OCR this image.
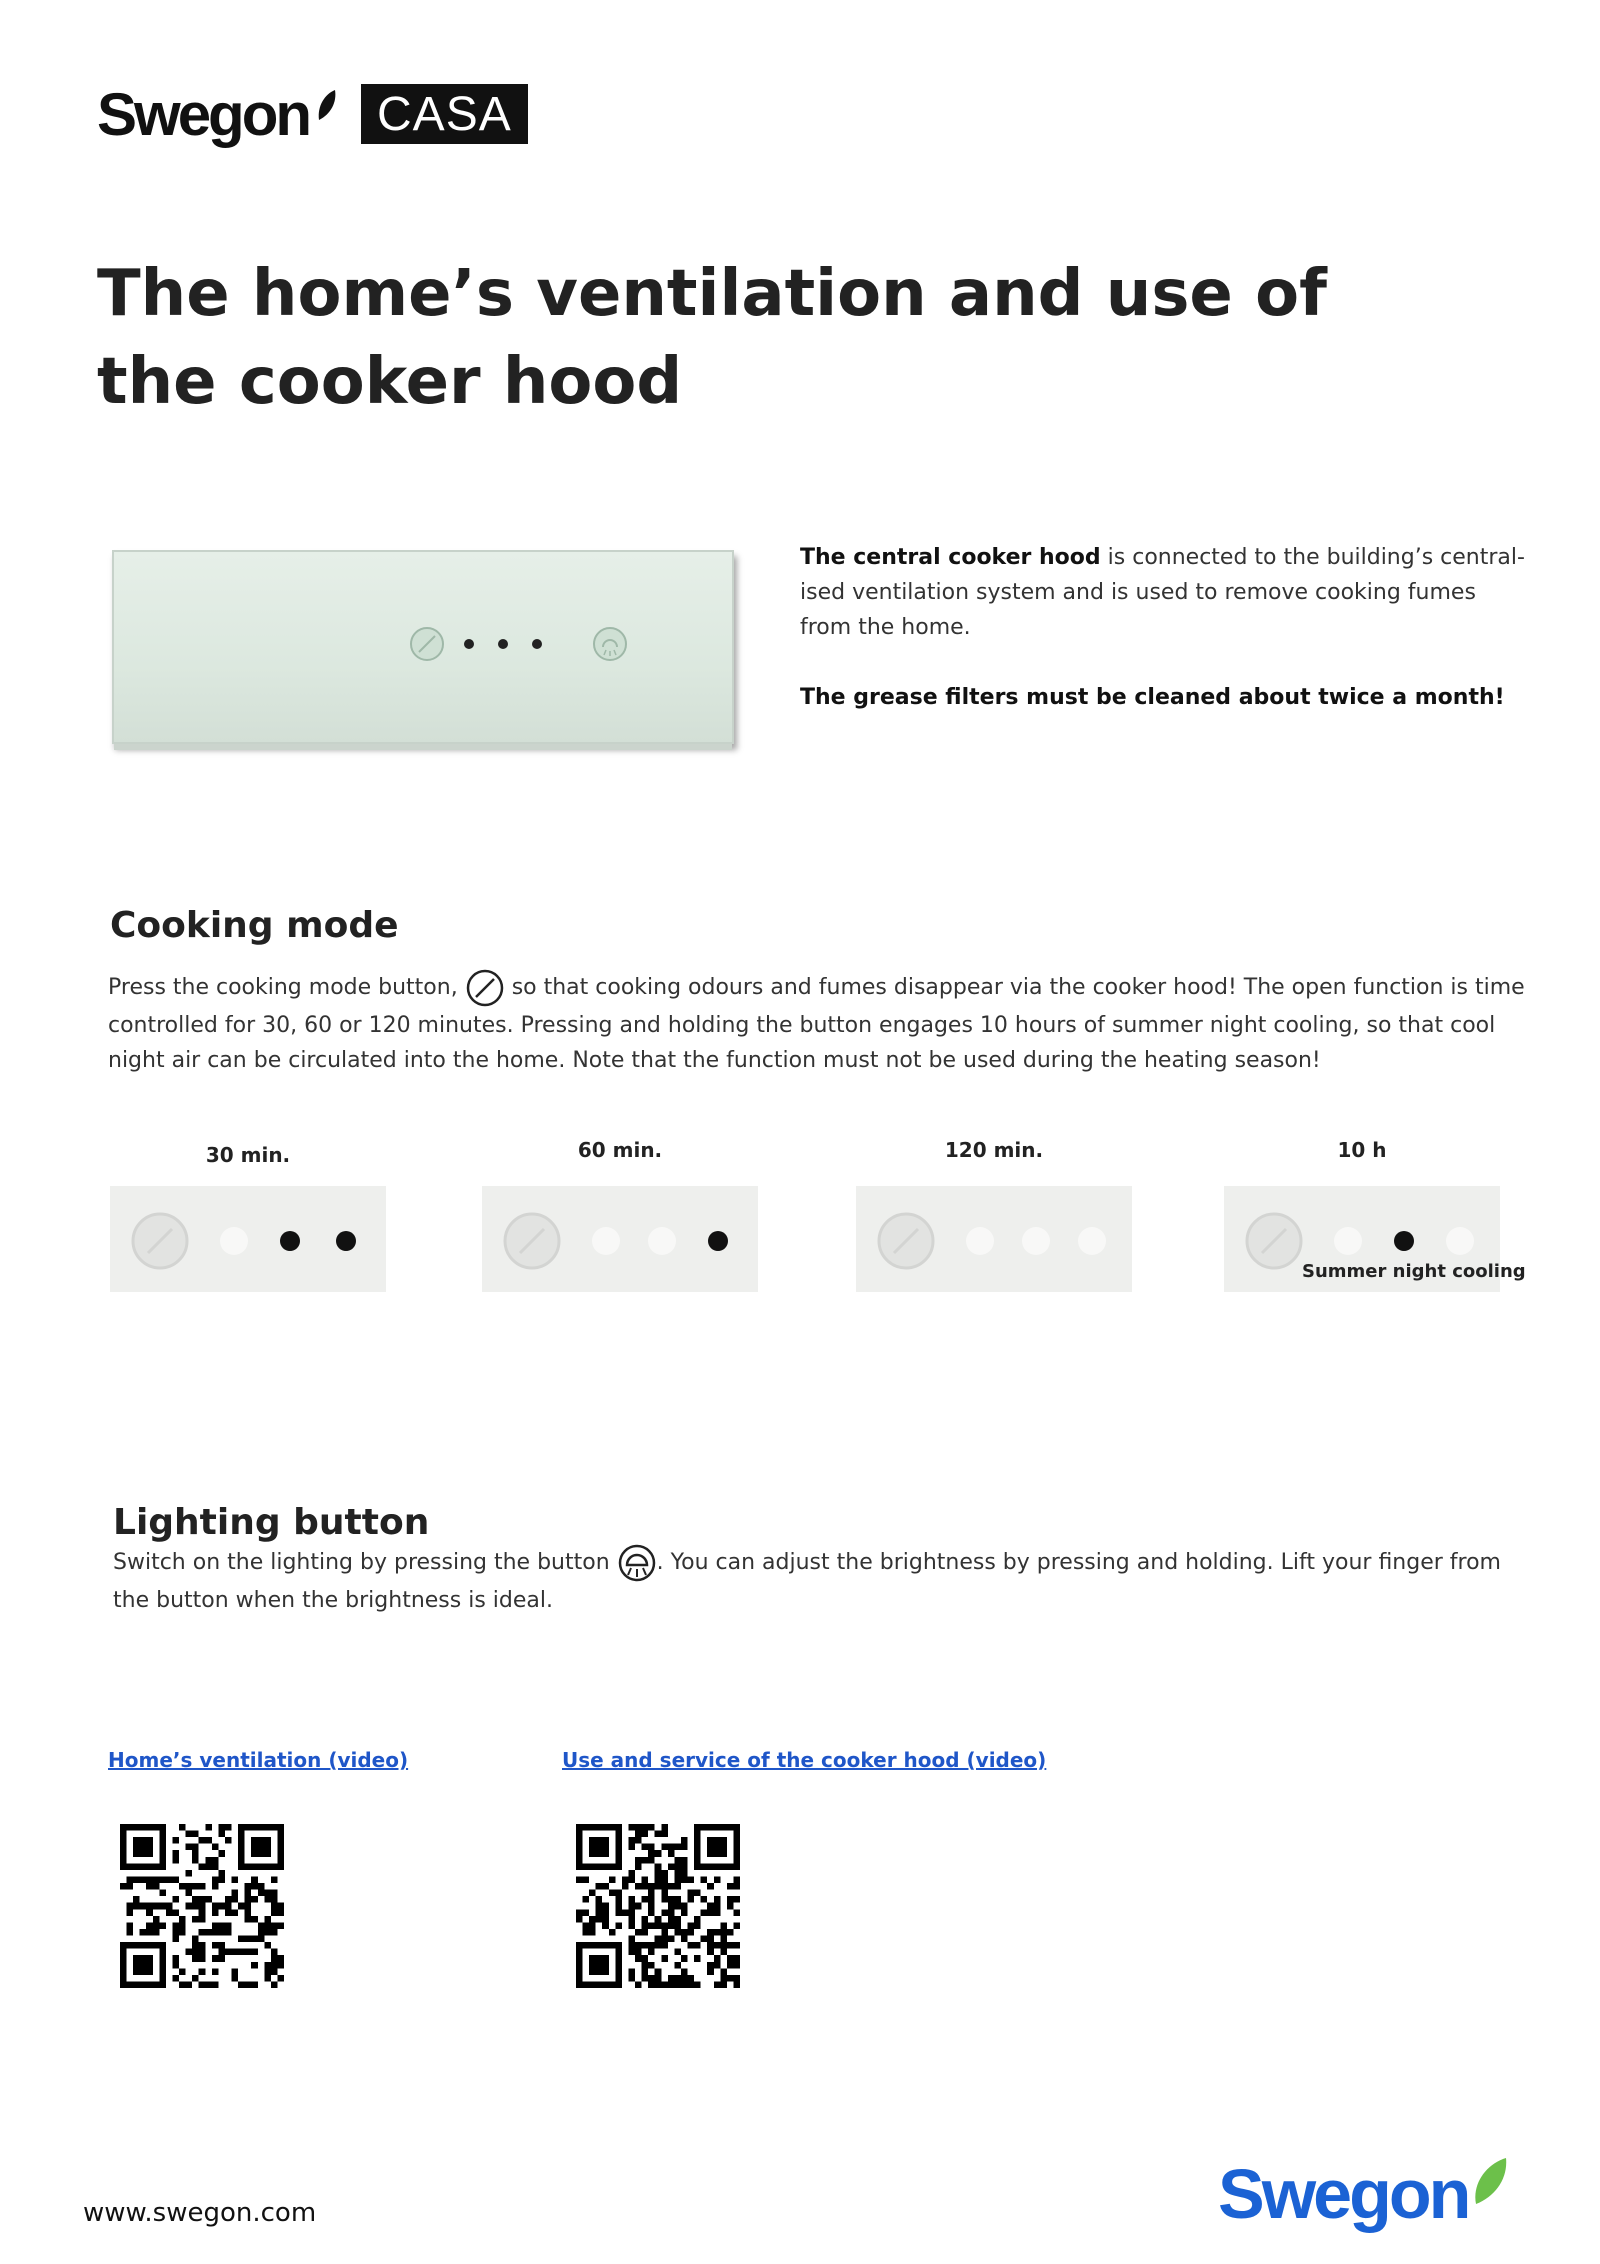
Swegon	CASA
The home’s ventilation and use of the cooker hood

The central cooker hood is connected to the building’s central-ised ventilation system and is used to remove cooking fumes from the home.

The grease filters must be cleaned about twice a month!

Cooking mode
Press the cooking mode button,  so that cooking odours and fumes disappear via the cooker hood! The open function is time controlled for 30, 60 or 120 minutes. Pressing and holding the button engages 10 hours of summer night cooling, so that cool night air can be circulated into the home. Note that the function must not be used during the heating season!
30 min.	60 min.	120 min.	10 h
Summer night cooling
Lighting button
Switch on the lighting by pressing the button . You can adjust the brightness by pressing and holding. Lift your finger from the button when the brightness is ideal.
Home’s ventilation (video)	Use and service of the cooker hood (video)
www.swegon.com	Swegon
